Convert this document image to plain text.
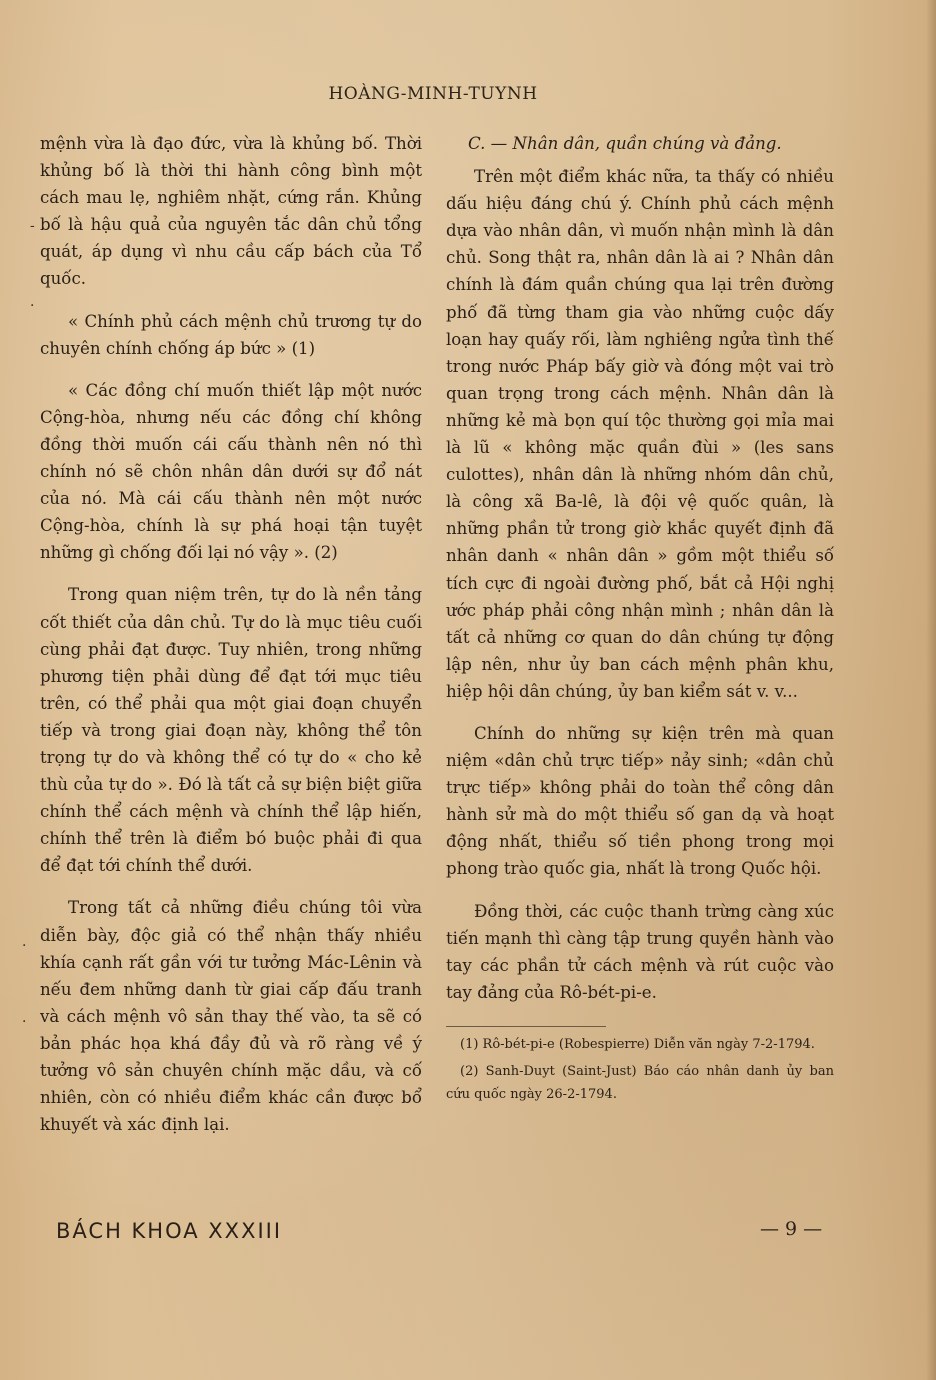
HOÀNG-MINH-TUYNH
-
·
·
·

mệnh vừa là đạo đức, vừa là khủng bố. Thời khủng bố là thời thi hành công bình một cách mau lẹ, nghiêm nhặt, cứng rắn. Khủng bố là hậu quả của nguyên tắc dân chủ tổng quát, áp dụng vì nhu cầu cấp bách của Tổ quốc.

« Chính phủ cách mệnh chủ trương tự do chuyên chính chống áp bức » (1)

« Các đồng chí muốn thiết lập một nước Cộng-hòa, nhưng nếu các đồng chí không đồng thời muốn cái cấu thành nên nó thì chính nó sẽ chôn nhân dân dưới sự đổ nát của nó. Mà cái cấu thành nên một nước Cộng-hòa, chính là sự phá hoại tận tuyệt những gì chống đối lại nó vậy ». (2)

Trong quan niệm trên, tự do là nền tảng cốt thiết của dân chủ. Tự do là mục tiêu cuối cùng phải đạt được. Tuy nhiên, trong những phương tiện phải dùng để đạt tới mục tiêu trên, có thể phải qua một giai đoạn chuyển tiếp và trong giai đoạn này, không thể tôn trọng tự do và không thể có tự do « cho kẻ thù của tự do ». Đó là tất cả sự biện biệt giữa chính thể cách mệnh và chính thể lập hiến, chính thể trên là điểm bó buộc phải đi qua để đạt tới chính thể dưới.

Trong tất cả những điều chúng tôi vừa diễn bày, độc giả có thể nhận thấy nhiều khía cạnh rất gần với tư tưởng Mác-Lênin và nếu đem những danh từ giai cấp đấu tranh và cách mệnh vô sản thay thế vào, ta sẽ có bản phác họa khá đầy đủ và rõ ràng về ý tưởng vô sản chuyên chính mặc dầu, và cố nhiên, còn có nhiều điểm khác cần được bổ khuyết và xác định lại.

C. — Nhân dân, quần chúng và đảng.

Trên một điểm khác nữa, ta thấy có nhiều dấu hiệu đáng chú ý. Chính phủ cách mệnh dựa vào nhân dân, vì muốn nhận mình là dân chủ. Song thật ra, nhân dân là ai ? Nhân dân chính là đám quần chúng qua lại trên đường phố đã từng tham gia vào những cuộc dấy loạn hay quấy rối, làm nghiêng ngửa tình thế trong nước Pháp bấy giờ và đóng một vai trò quan trọng trong cách mệnh. Nhân dân là những kẻ mà bọn quí tộc thường gọi mỉa mai là lũ « không mặc quần đùi » (les sans culottes), nhân dân là những nhóm dân chủ, là công xã Ba-lê, là đội vệ quốc quân, là những phần tử trong giờ khắc quyết định đã nhân danh « nhân dân » gồm một thiểu số tích cực đi ngoài đường phố, bắt cả Hội nghị ước pháp phải công nhận mình ; nhân dân là tất cả những cơ quan do dân chúng tự động lập nên, như ủy ban cách mệnh phân khu, hiệp hội dân chúng, ủy ban kiểm sát v. v...

Chính do những sự kiện trên mà quan niệm «dân chủ trực tiếp» nảy sinh; «dân chủ trực tiếp» không phải do toàn thể công dân hành sử mà do một thiểu số gan dạ và hoạt động nhất, thiểu số tiền phong trong mọi phong trào quốc gia, nhất là trong Quốc hội.

Đồng thời, các cuộc thanh trừng càng xúc tiến mạnh thì càng tập trung quyền hành vào tay các phần tử cách mệnh và rút cuộc vào tay đảng của Rô-bét-pi-e.

(1) Rô-bét-pi-e (Robespierre) Diễn văn ngày 7-2-1794.
(2) Sanh-Duyt (Saint-Just) Báo cáo nhân danh ủy ban cứu quốc ngày 26-2-1794.
BÁCH KHOA XXXIII	— 9 —
